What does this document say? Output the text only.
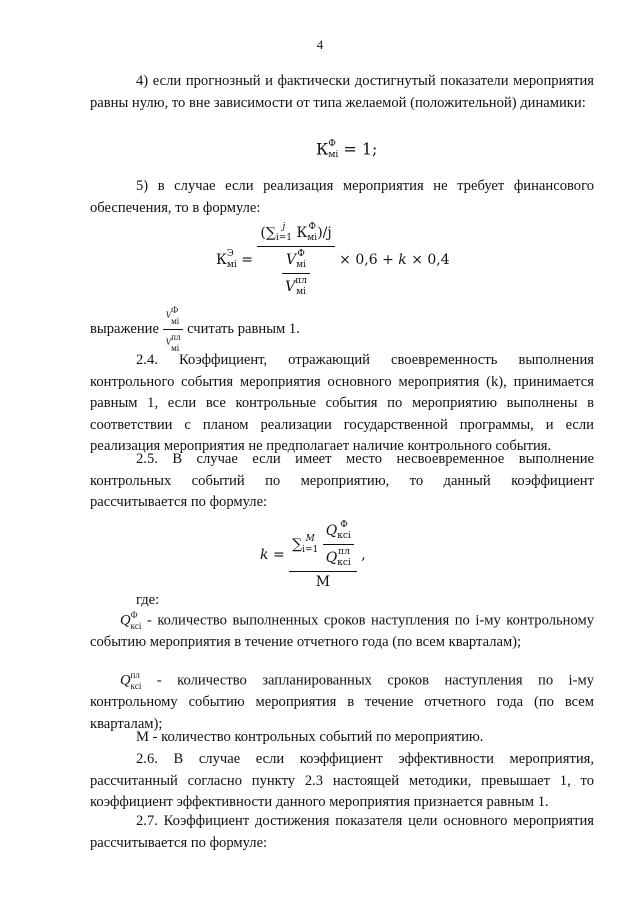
4

4) если прогнозный и фактически достигнутый показатели мероприятия равны нулю, то вне зависимости от типа желаемой (положительной) динамики:

К Ф
мi = 1;

5) в случае если реализация мероприятия не требует финансового обеспечения, то в формуле:

К Э
мi = (∑ j
i=1 К Ф
мi )/j
V Ф
мi
V пл
мi × 0,6 + k × 0,4
выражение V
Ф
мi
V
пл
мi считать равным 1.

2.4. Коэффициент, отражающий своевременность выполнения контрольного события мероприятия основного мероприятия (k), принимается равным 1, если все контрольные события по мероприятию выполнены в соответствии с планом реализации государственной программы, и если реализация мероприятия не предполагает наличие контрольного события.

2.5. В случае если имеет место несвоевременное выполнение контрольных событий по мероприятию, то данный коэффициент рассчитывается по формуле:

k = ∑ M
i=1
Q Ф
кci
Q пл
кci
М ,

где:

Q Ф
кci - количество выполненных сроков наступления по i-му контрольному событию мероприятия в течение отчетного года (по всем кварталам);
Q пл
кci - количество запланированных сроков наступления по i-му контрольному событию мероприятия в течение отчетного года (по всем кварталам);

М - количество контрольных событий по мероприятию.

2.6. В случае если коэффициент эффективности мероприятия, рассчитанный согласно пункту 2.3 настоящей методики, превышает 1, то коэффициент эффективности данного мероприятия признается равным 1.

2.7. Коэффициент достижения показателя цели основного мероприятия рассчитывается по формуле:
